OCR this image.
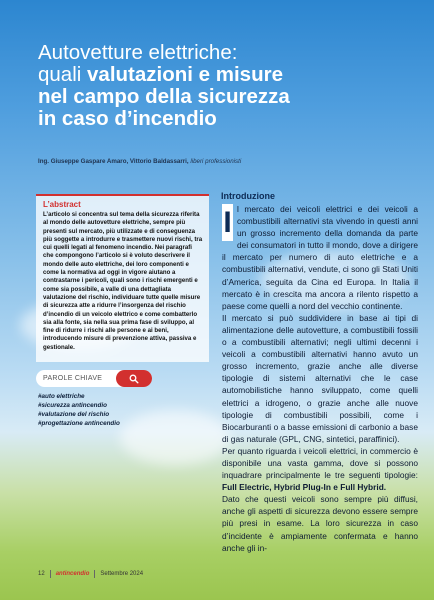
Autovetture elettriche:
quali valutazioni e misure
nel campo della sicurezza
in caso d’incendio
Ing. Giuseppe Gaspare Amaro, Vittorio Baldassarri, liberi professionisti
L’abstract
L’articolo si concentra sul tema della sicurezza riferita al mondo delle autovetture elettriche, sempre più presenti sul mercato, più utilizzate e di conseguenza più soggette a introdurre e trasmettere nuovi rischi, tra cui quelli legati al fenomeno incendio. Nei paragrafi che compongono l’articolo si è voluto descrivere il mondo delle auto elettriche, dei loro componenti e come la normativa ad oggi in vigore aiutano a contrastarne i pericoli, quali sono i rischi emergenti e come sia possibile, a valle di una dettagliata valutazione del rischio, individuare tutte quelle misure di sicurezza atte a ridurre l’insorgenza del rischio d’incendio di un veicolo elettrico e come combatterlo sia alla fonte, sia nella sua prima fase di sviluppo, al fine di ridurre i rischi alle persone e ai beni, introducendo misure di prevenzione attiva, passiva e gestionale.
PAROLE CHIAVE
#auto elettriche
#sicurezza antincendio
#valutazione del rischio
#progettazione antincendio
Introduzione

I l mercato dei veicoli elettrici e dei veicoli a combustibili alternativi sta vivendo in questi anni un grosso incremento della domanda da parte dei consumatori in tutto il mondo, dove a dirigere il mercato per numero di auto elettriche e a combustibili alternativi, vendute, ci sono gli Stati Uniti d’America, seguita da Cina ed Europa. In Italia il mercato è in crescita ma ancora a rilento rispetto a paese come quelli a nord del vecchio continente.

Il mercato si può suddividere in base ai tipi di alimentazione delle autovetture, a combustibili fossili o a combustibili alternativi; negli ultimi decenni i veicoli a combustibili alternativi hanno avuto un grosso incremento, grazie anche alle diverse tipologie di sistemi alternativi che le case automobilistiche hanno sviluppato, come quelli elettrici a idrogeno, o grazie anche alle nuove tipologie di combustibili possibili, come i Biocarburanti o a basse emissioni di carbonio a base di gas naturale (GPL, CNG, sintetici, paraffinici).

Per quanto riguarda i veicoli elettrici, in commercio è disponibile una vasta gamma, dove si possono inquadrare principalmente le tre seguenti tipologie: Full Electric, Hybrid Plug-In e Full Hybrid.

Dato che questi veicoli sono sempre più diffusi, anche gli aspetti di sicurezza devono essere sempre più presi in esame. La loro sicurezza in caso d’incidente è ampiamente confermata e hanno anche gli in-

12 antincendio Settembre 2024
